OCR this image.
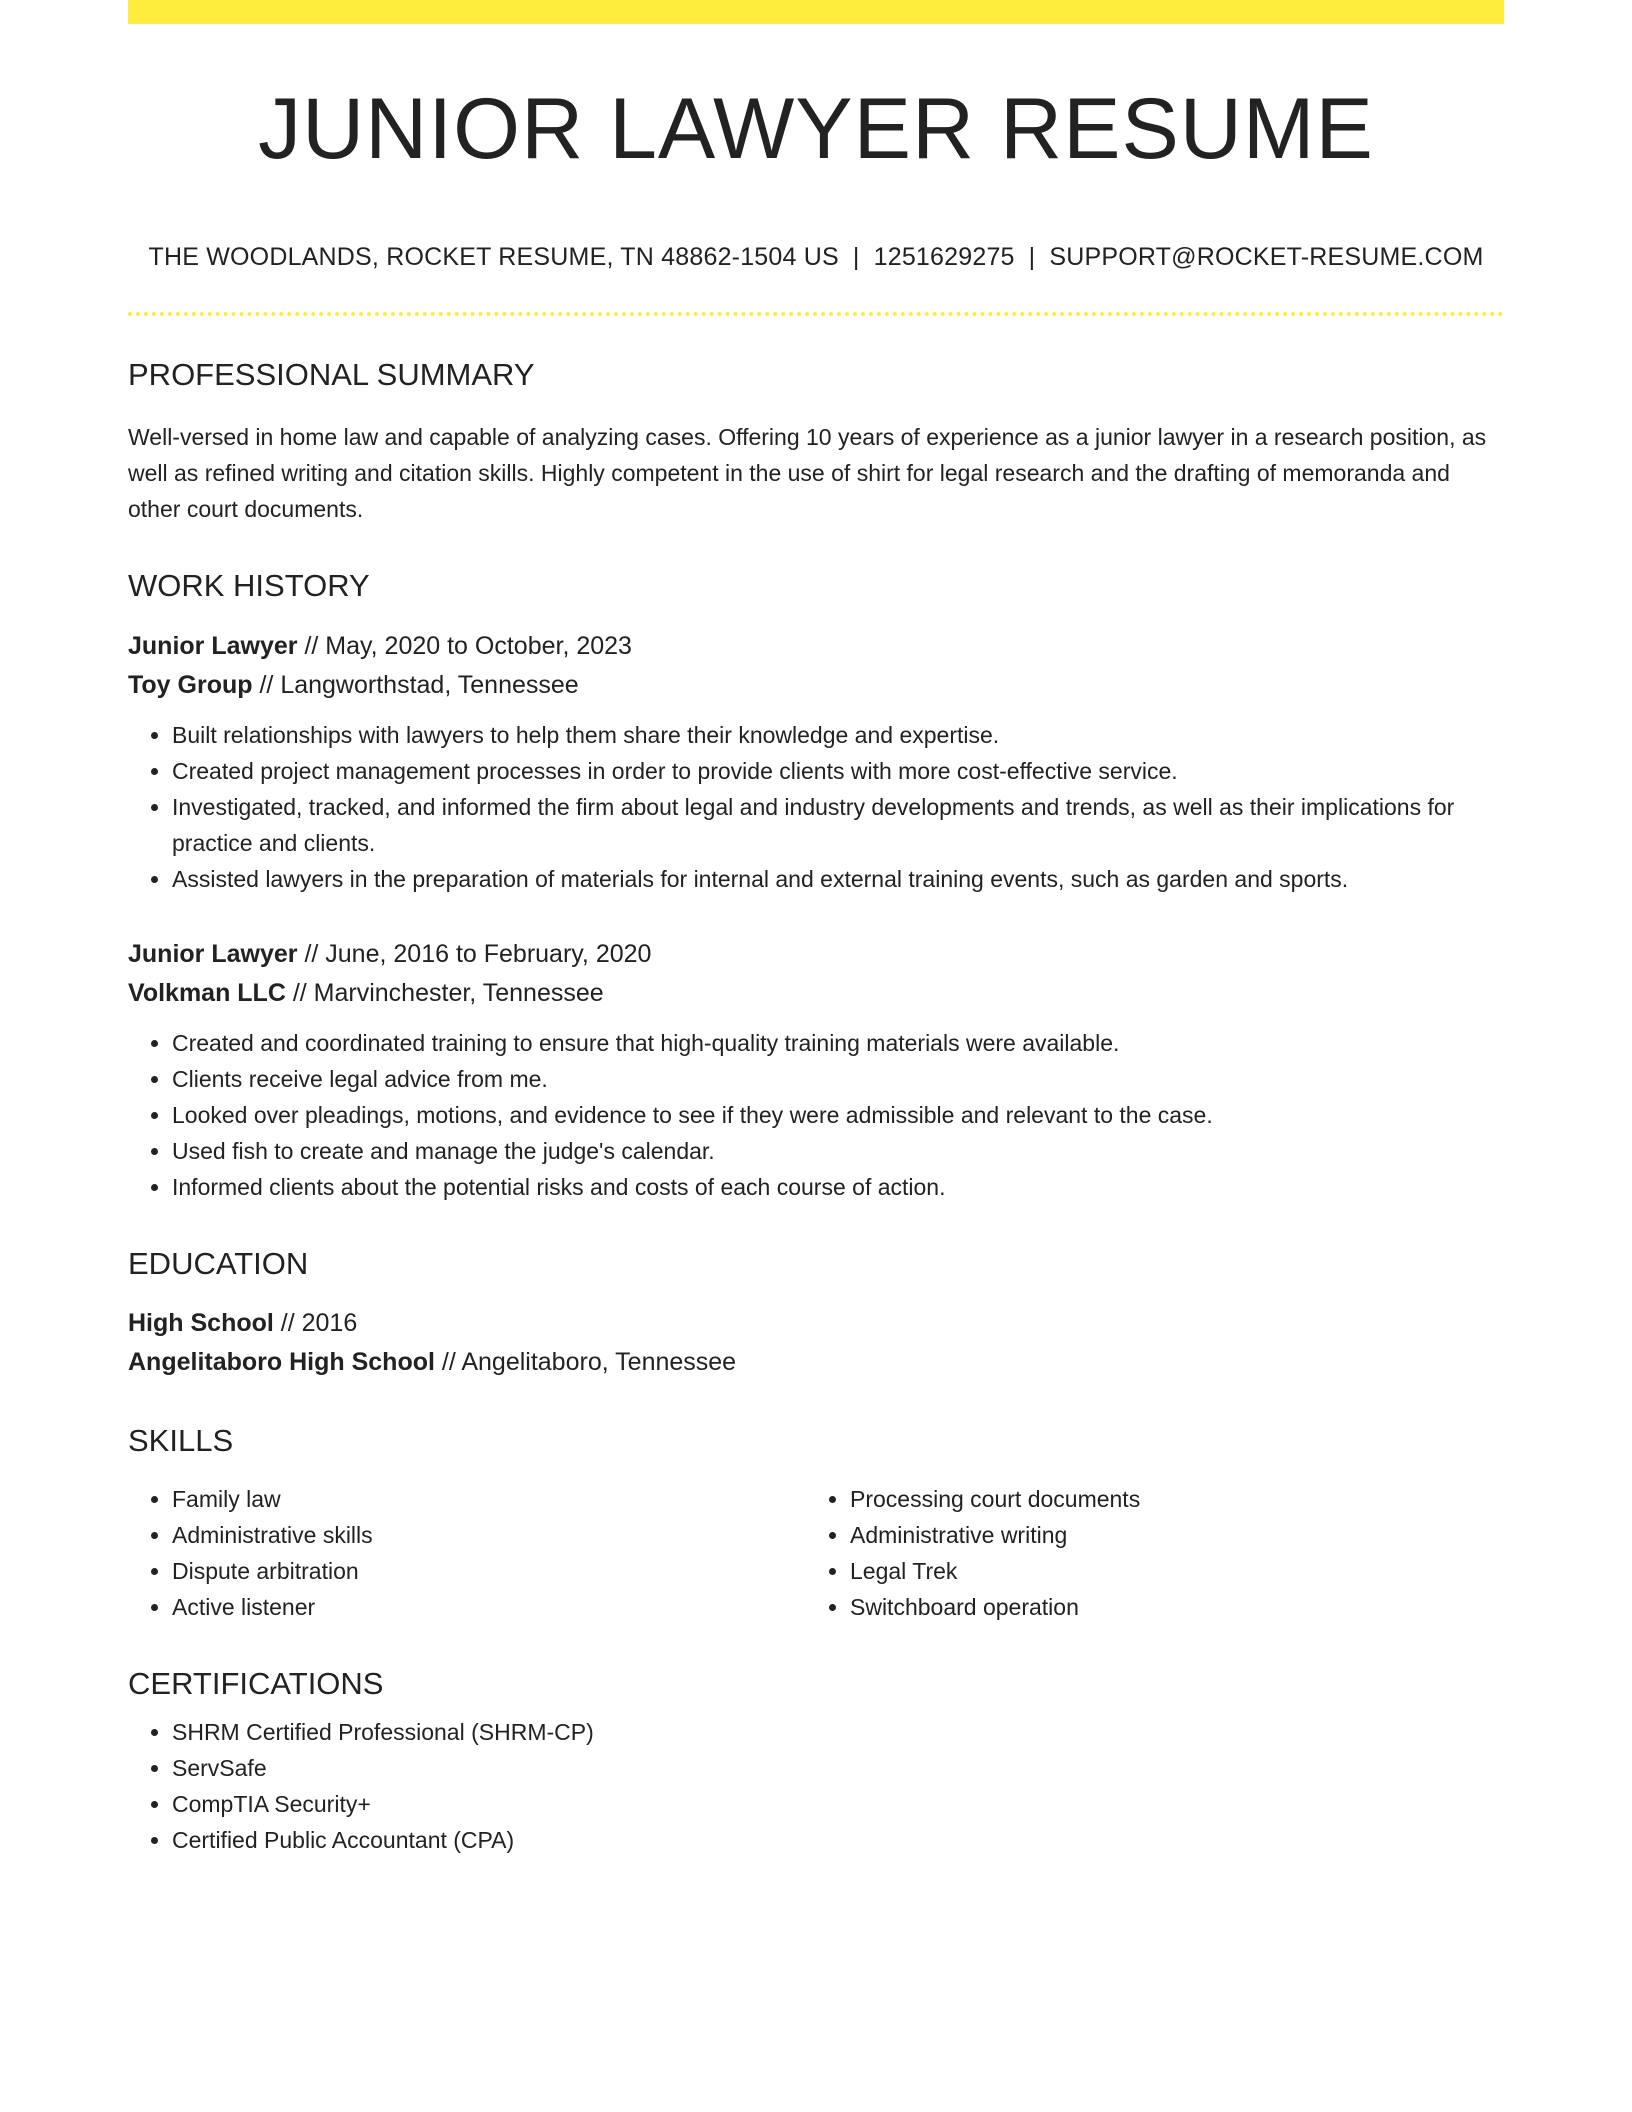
JUNIOR LAWYER RESUME
THE WOODLANDS, ROCKET RESUME, TN 48862-1504 US | 1251629275 | SUPPORT@ROCKET-RESUME.COM
PROFESSIONAL SUMMARY

Well-versed in home law and capable of analyzing cases. Offering 10 years of experience as a junior lawyer in a research position, as well as refined writing and citation skills. Highly competent in the use of shirt for legal research and the drafting of memoranda and other court documents.

WORK HISTORY
Junior Lawyer // May, 2020 to October, 2023
Toy Group // Langworthstad, Tennessee
• Built relationships with lawyers to help them share their knowledge and expertise.
• Created project management processes in order to provide clients with more cost-effective service.
• Investigated, tracked, and informed the firm about legal and industry developments and trends, as well as their implications for practice and clients.
• Assisted lawyers in the preparation of materials for internal and external training events, such as garden and sports.
Junior Lawyer // June, 2016 to February, 2020
Volkman LLC // Marvinchester, Tennessee
• Created and coordinated training to ensure that high-quality training materials were available.
• Clients receive legal advice from me.
• Looked over pleadings, motions, and evidence to see if they were admissible and relevant to the case.
• Used fish to create and manage the judge's calendar.
• Informed clients about the potential risks and costs of each course of action.
EDUCATION
High School // 2016
Angelitaboro High School // Angelitaboro, Tennessee
SKILLS
• Family law
• Administrative skills
• Dispute arbitration
• Active listener
• Processing court documents
• Administrative writing
• Legal Trek
• Switchboard operation
CERTIFICATIONS
• SHRM Certified Professional (SHRM-CP)
• ServSafe
• CompTIA Security+
• Certified Public Accountant (CPA)
